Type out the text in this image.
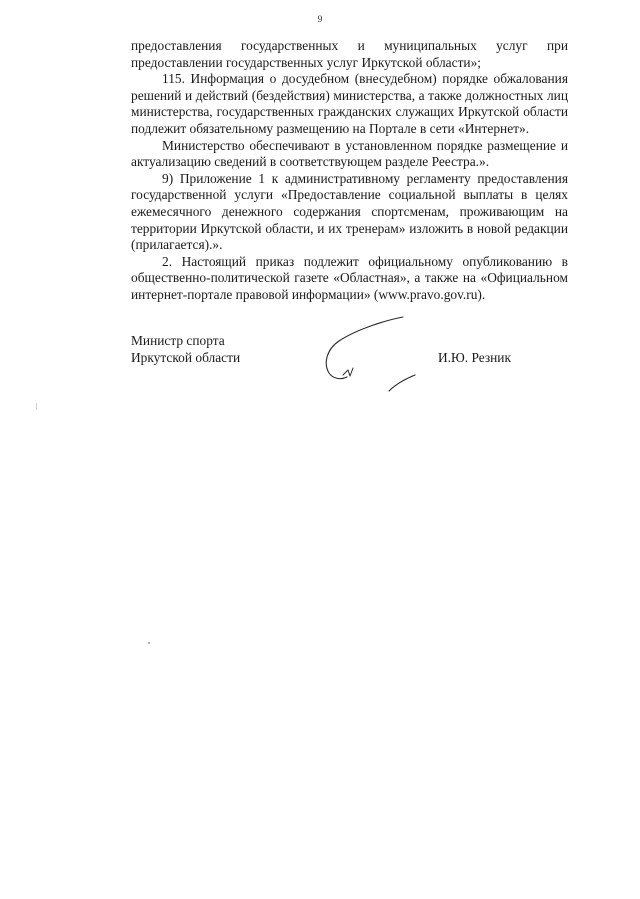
9

предоставления государственных и муниципальных услуг при

предоставлении государственных услуг Иркутской области»;

115. Информация о досудебном (внесудебном) порядке обжалования решений и действий (бездействия) министерства, а также должностных лиц министерства, государственных гражданских служащих Иркутской области подлежит обязательному размещению на Портале в сети «Интернет».

Министерство обеспечивают в установленном порядке размещение и актуализацию сведений в соответствующем разделе Реестра.».

9) Приложение 1 к административному регламенту предоставления государственной услуги «Предоставление социальной выплаты в целях ежемесячного денежного содержания спортсменам, проживающим на территории Иркутской области, и их тренерам» изложить в новой редакции (прилагается).».

2. Настоящий приказ подлежит официальному опубликованию в общественно-политической газете «Областная», а также на «Официальном интернет-портале правовой информации» (www.pravo.gov.ru).

Министр спорта
Иркутской области	И.Ю. Резник
